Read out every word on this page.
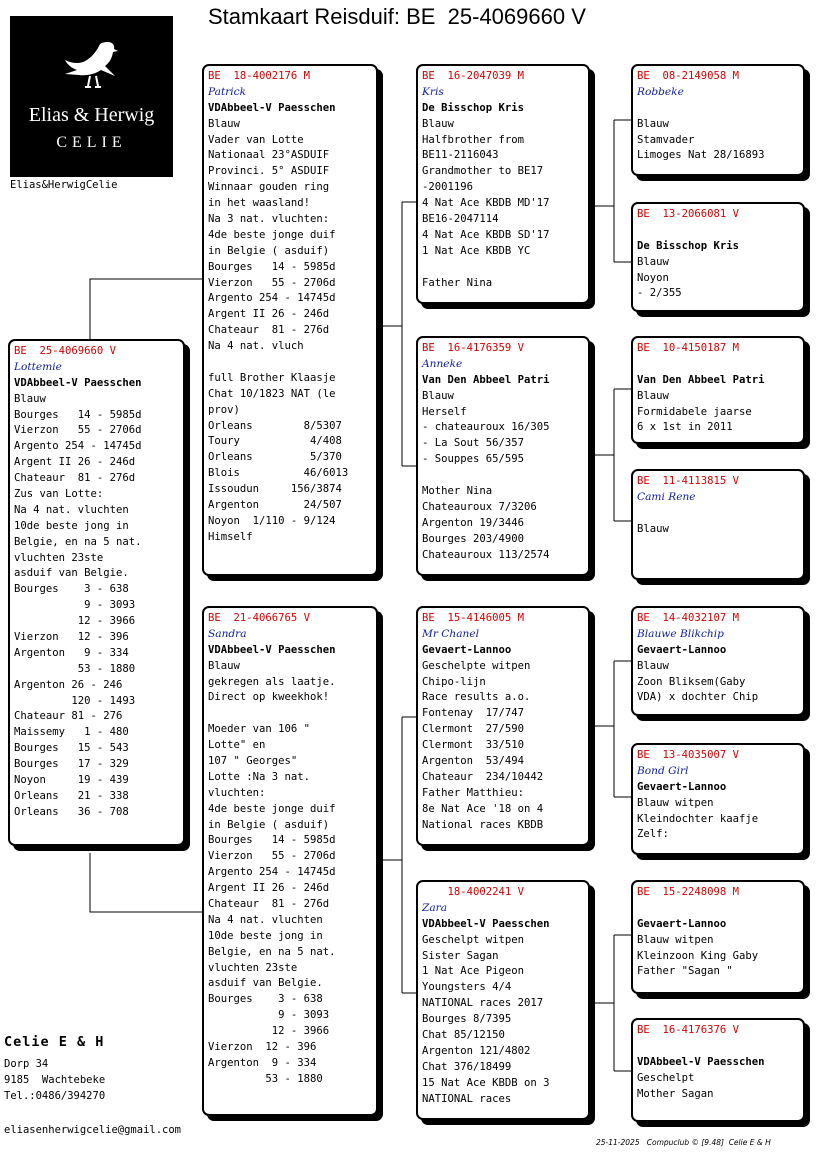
Stamkaart Reisduif: BE  25-4069660 V
Elias & Herwig
CELIE
Elias&HerwigCelie
BE  25-4069660 V
Lottemie
VDAbbeel-V Paesschen
Blauw
Bourges   14 - 5985d
Vierzon   55 - 2706d
Argento 254 - 14745d
Argent II 26 - 246d
Chateaur  81 - 276d
Zus van Lotte:
Na 4 nat. vluchten
10de beste jong in
Belgie, en na 5 nat.
vluchten 23ste
asduif van Belgie.
Bourges    3 - 638
9 - 3093
12 - 3966
Vierzon   12 - 396
Argenton   9 - 334
53 - 1880
Argenton 26 - 246
120 - 1493
Chateaur 81 - 276
Maissemy   1 - 480
Bourges   15 - 543
Bourges   17 - 329
Noyon     19 - 439
Orleans   21 - 338
Orleans   36 - 708
BE  18-4002176 M
Patrick
VDAbbeel-V Paesschen
Blauw
Vader van Lotte
Nationaal 23°ASDUIF
Provinci. 5° ASDUIF
Winnaar gouden ring
in het waasland!
Na 3 nat. vluchten:
4de beste jonge duif
in Belgie ( asduif)
Bourges   14 - 5985d
Vierzon   55 - 2706d
Argento 254 - 14745d
Argent II 26 - 246d
Chateaur  81 - 276d
Na 4 nat. vluch
full Brother Klaasje
Chat 10/1823 NAT (le
prov)
Orleans        8/5307
Toury           4/408
Orleans         5/370
Blois          46/6013
Issoudun     156/3874
Argenton       24/507
Noyon  1/110 - 9/124
Himself
BE  21-4066765 V
Sandra
VDAbbeel-V Paesschen
Blauw
gekregen als laatje.
Direct op kweekhok!
Moeder van 106 "
Lotte" en
107 " Georges"
Lotte :Na 3 nat.
vluchten:
4de beste jonge duif
in Belgie ( asduif)
Bourges   14 - 5985d
Vierzon   55 - 2706d
Argento 254 - 14745d
Argent II 26 - 246d
Chateaur  81 - 276d
Na 4 nat. vluchten
10de beste jong in
Belgie, en na 5 nat.
vluchten 23ste
asduif van Belgie.
Bourges    3 - 638
9 - 3093
12 - 3966
Vierzon  12 - 396
Argenton  9 - 334
53 - 1880
BE  16-2047039 M
Kris
De Bisschop Kris
Blauw
Halfbrother from
BE11-2116043
Grandmother to BE17
-2001196
4 Nat Ace KBDB MD'17
BE16-2047114
4 Nat Ace KBDB SD'17
1 Nat Ace KBDB YC
Father Nina
BE  16-4176359 V
Anneke
Van Den Abbeel Patri
Blauw
Herself
- chateauroux 16/305
- La Sout 56/357
- Souppes 65/595
Mother Nina
Chateauroux 7/3206
Argenton 19/3446
Bourges 203/4900
Chateauroux 113/2574
BE  15-4146005 M
Mr Chanel
Gevaert-Lannoo
Geschelpte witpen
Chipo-lijn
Race results a.o.
Fontenay  17/747
Clermont  27/590
Clermont  33/510
Argenton  53/494
Chateaur  234/10442
Father Matthieu:
8e Nat Ace '18 on 4
National races KBDB
18-4002241 V
Zara
VDAbbeel-V Paesschen
Geschelpt witpen
Sister Sagan
1 Nat Ace Pigeon
Youngsters 4/4
NATIONAL races 2017
Bourges 8/7395
Chat 85/12150
Argenton 121/4802
Chat 376/18499
15 Nat Ace KBDB on 3
NATIONAL races
BE  08-2149058 M
Robbeke
Blauw
Stamvader
Limoges Nat 28/16893
BE  13-2066081 V
De Bisschop Kris
Blauw
Noyon
- 2/355
BE  10-4150187 M
Van Den Abbeel Patri
Blauw
Formidabele jaarse
6 x 1st in 2011
BE  11-4113815 V
Cami Rene
Blauw
BE  14-4032107 M
Blauwe Blikchip
Gevaert-Lannoo
Blauw
Zoon Bliksem(Gaby
VDA) x dochter Chip
BE  13-4035007 V
Bond Girl
Gevaert-Lannoo
Blauw witpen
Kleindochter kaafje
Zelf:
BE  15-2248098 M
Gevaert-Lannoo
Blauw witpen
Kleinzoon King Gaby
Father "Sagan "
BE  16-4176376 V
VDAbbeel-V Paesschen
Geschelpt
Mother Sagan
Celie E & H
Dorp 34
9185  Wachtebeke
Tel.:0486/394270
eliasenherwigcelie@gmail.com
25-11-2025   Compuclub © [9.48]  Celie E & H
